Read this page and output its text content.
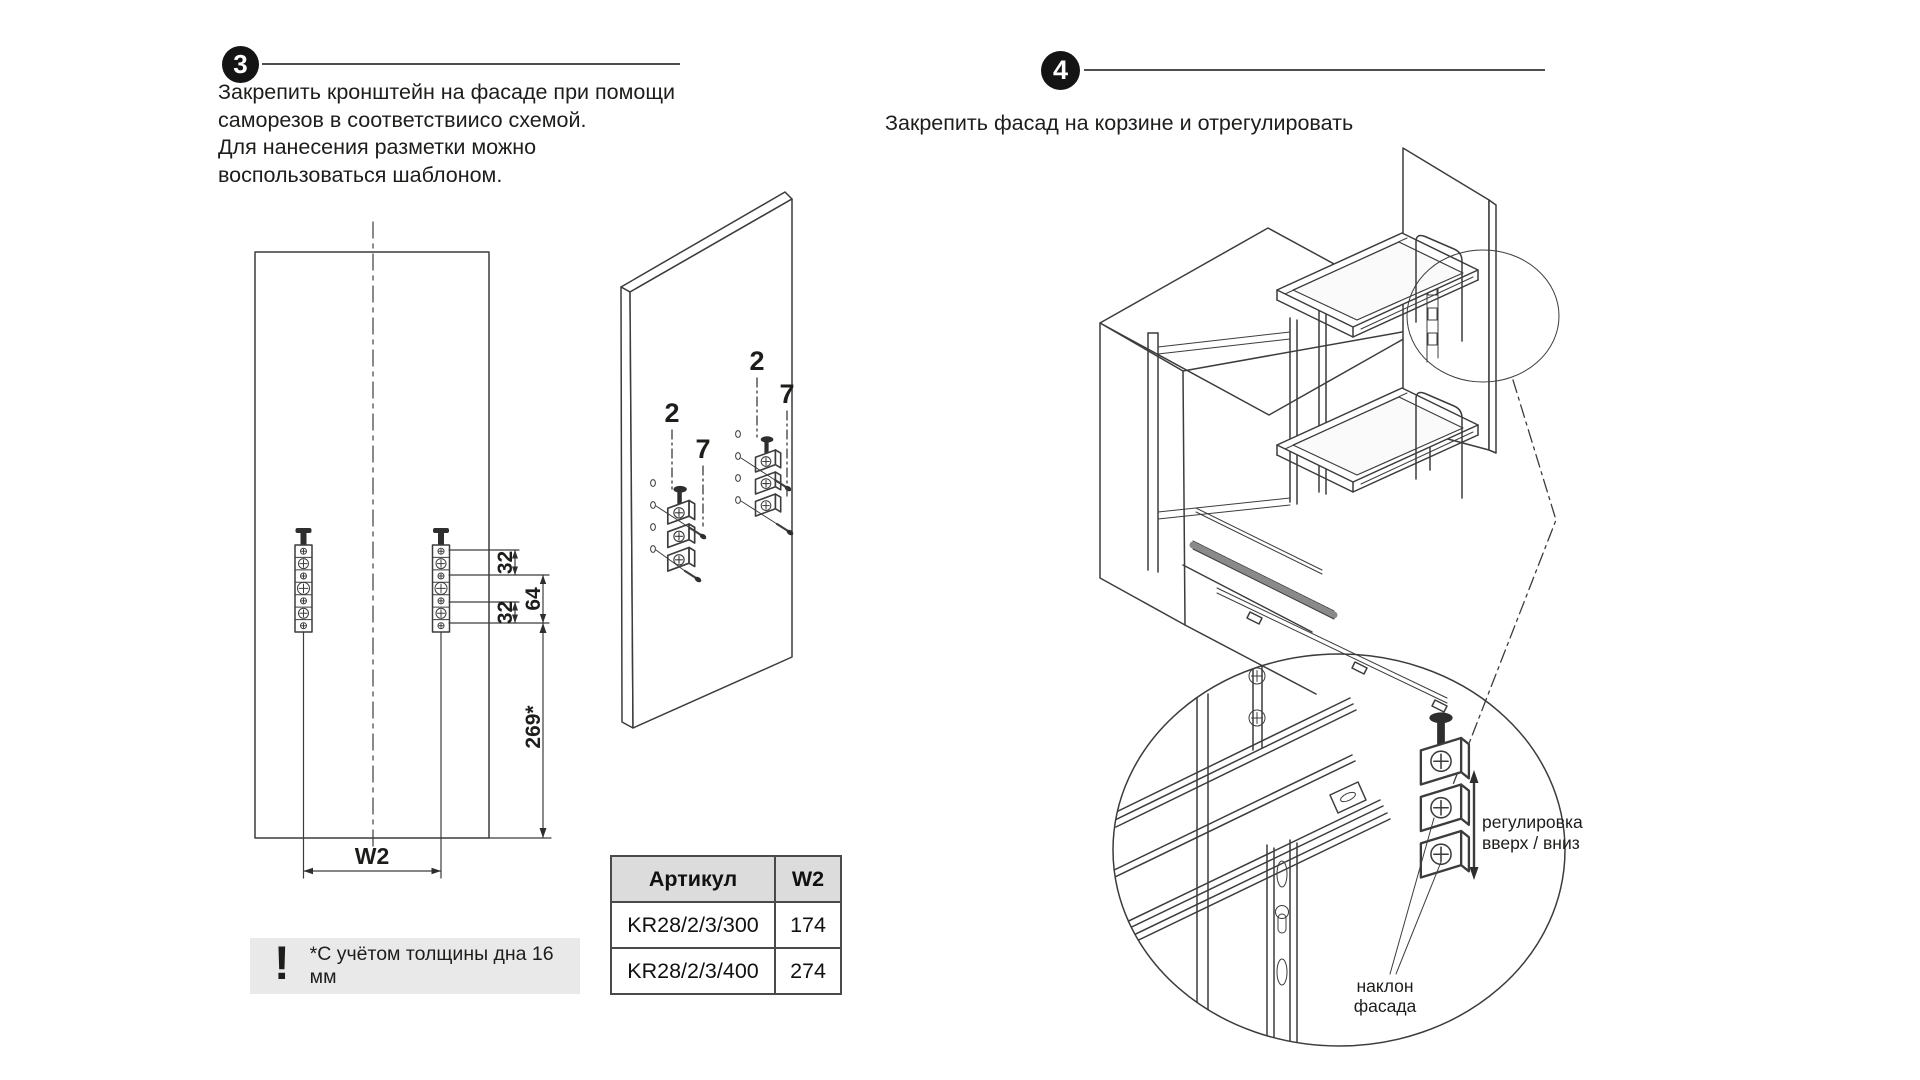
3
Закрепить кронштейн на фасаде при помощи
саморезов в соответствиисо схемой.
Для нанесения разметки можно
воспользоваться шаблоном.
4
Закрепить фасад на корзине и отрегулировать
! *С учётом толщины дна 16 мм
Артикул	W2
KR28/2/3/300	174
KR28/2/3/400	274
32
32
64
269*
W2
2
7
2
7
регулировка
вверх / вниз
наклон
фасада
